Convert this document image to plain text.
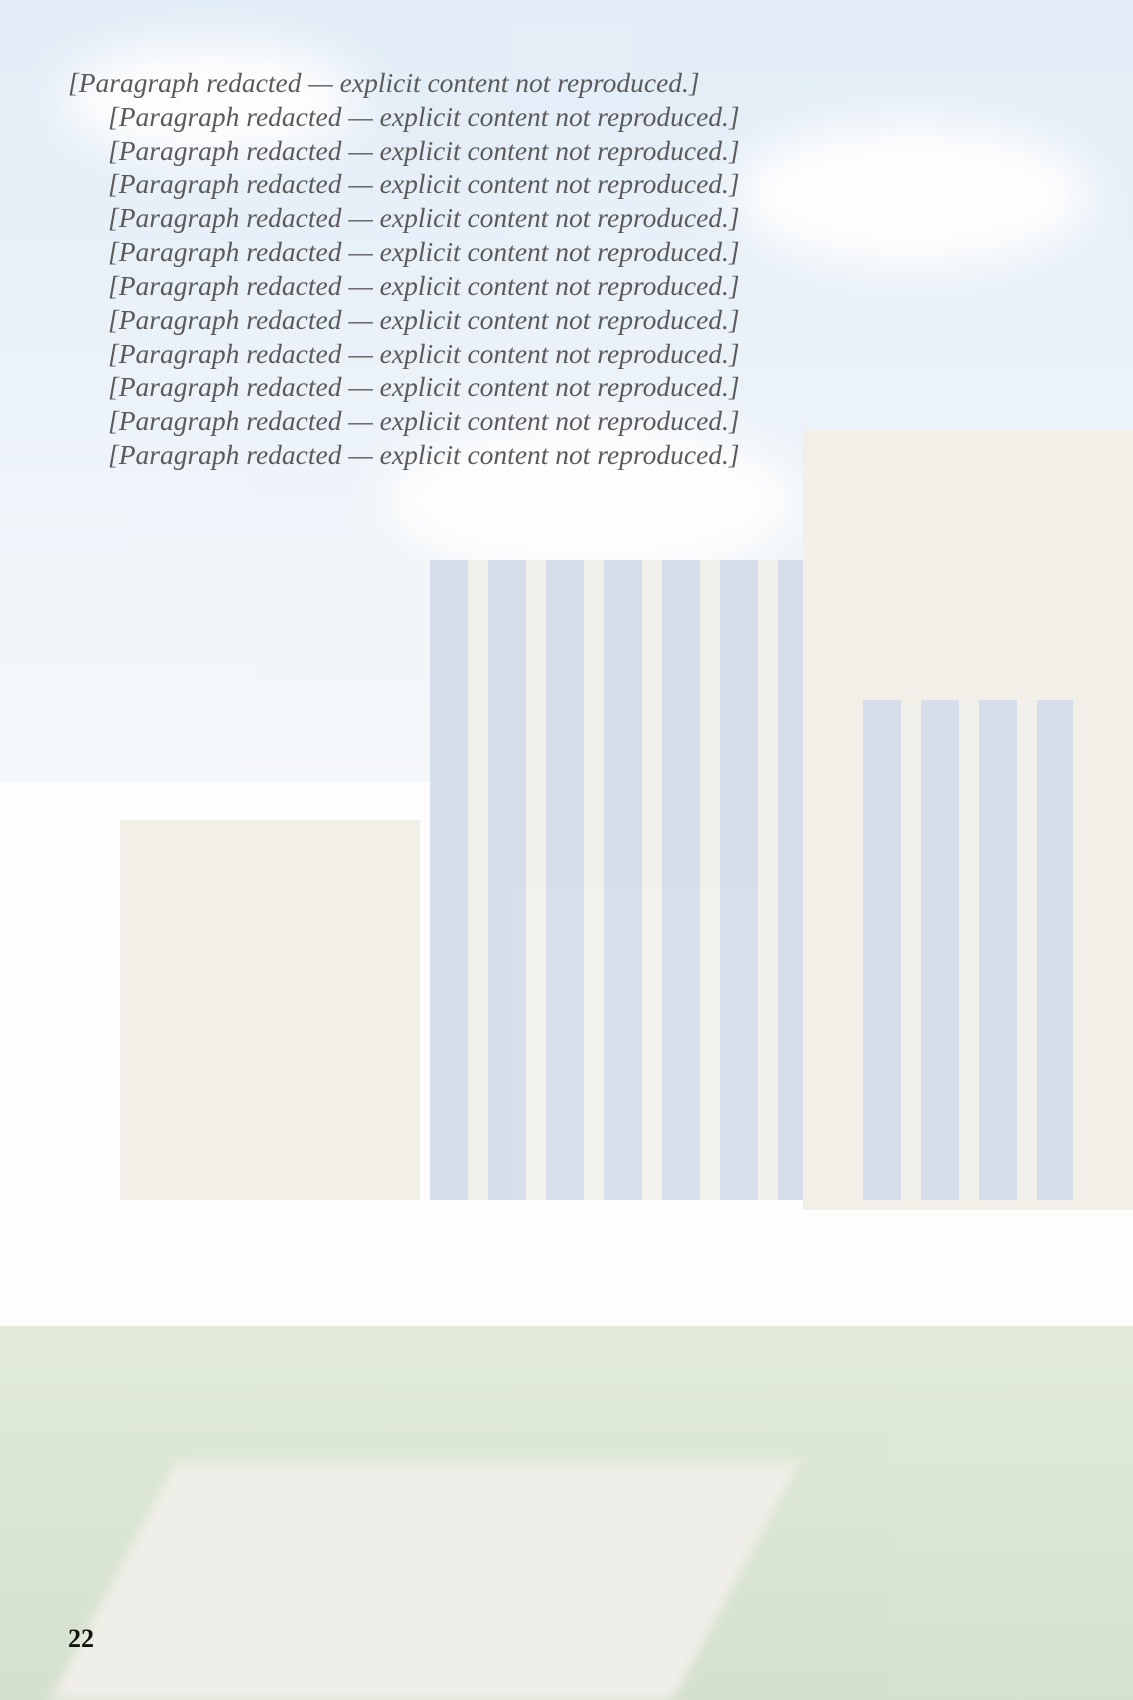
[Paragraph redacted — explicit content not reproduced.]

[Paragraph redacted — explicit content not reproduced.]

[Paragraph redacted — explicit content not reproduced.]

[Paragraph redacted — explicit content not reproduced.]

[Paragraph redacted — explicit content not reproduced.]

[Paragraph redacted — explicit content not reproduced.]

[Paragraph redacted — explicit content not reproduced.]

[Paragraph redacted — explicit content not reproduced.]

[Paragraph redacted — explicit content not reproduced.]

[Paragraph redacted — explicit content not reproduced.]

[Paragraph redacted — explicit content not reproduced.]

[Paragraph redacted — explicit content not reproduced.]

22
